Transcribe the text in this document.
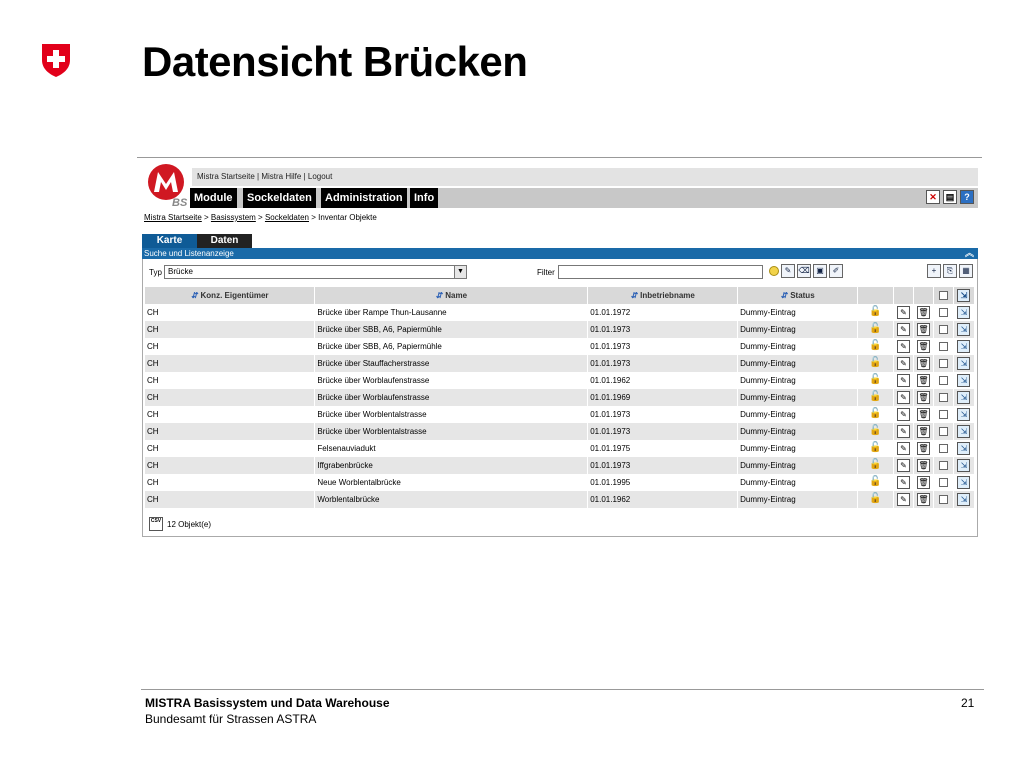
Datensicht Brücken
BS
Mistra Startseite | Mistra Hilfe | Logout
Module	Sockeldaten	Administration	Info	✕ ▤	?
Mistra Startseite > Basissystem > Sockeldaten > Inventar Objekte
Karte	Daten
Suche und Listenanzeige	︽
Typ Brücke	▼	Filter	✎ ⌫ ▣	✐	+	⎘	▦
⇵ Konz. Eigentümer	⇵ Name	⇵ Inbetriebname	⇵ Status					⇲
CH	Brücke über Rampe Thun-Lausanne	01.01.1972	Dummy-Eintrag	🔓	✎	🗑		⇲
CH	Brücke über SBB, A6, Papiermühle	01.01.1973	Dummy-Eintrag	🔓	✎	🗑		⇲
CH	Brücke über SBB, A6, Papiermühle	01.01.1973	Dummy-Eintrag	🔓	✎	🗑		⇲
CH	Brücke über Stauffacherstrasse	01.01.1973	Dummy-Eintrag	🔓	✎	🗑		⇲
CH	Brücke über Worblaufenstrasse	01.01.1962	Dummy-Eintrag	🔓	✎	🗑		⇲
CH	Brücke über Worblaufenstrasse	01.01.1969	Dummy-Eintrag	🔓	✎	🗑		⇲
CH	Brücke über Worblentalstrasse	01.01.1973	Dummy-Eintrag	🔓	✎	🗑		⇲
CH	Brücke über Worblentalstrasse	01.01.1973	Dummy-Eintrag	🔓	✎	🗑		⇲
CH	Felsenauviadukt	01.01.1975	Dummy-Eintrag	🔓	✎	🗑		⇲
CH	Iffgrabenbrücke	01.01.1973	Dummy-Eintrag	🔓	✎	🗑		⇲
CH	Neue Worblentalbrücke	01.01.1995	Dummy-Eintrag	🔓	✎	🗑		⇲
CH	Worblentalbrücke	01.01.1962	Dummy-Eintrag	🔓	✎	🗑		⇲
CSV 12 Objekt(e)
MISTRA Basissystem und Data Warehouse
Bundesamt für Strassen ASTRA
21
